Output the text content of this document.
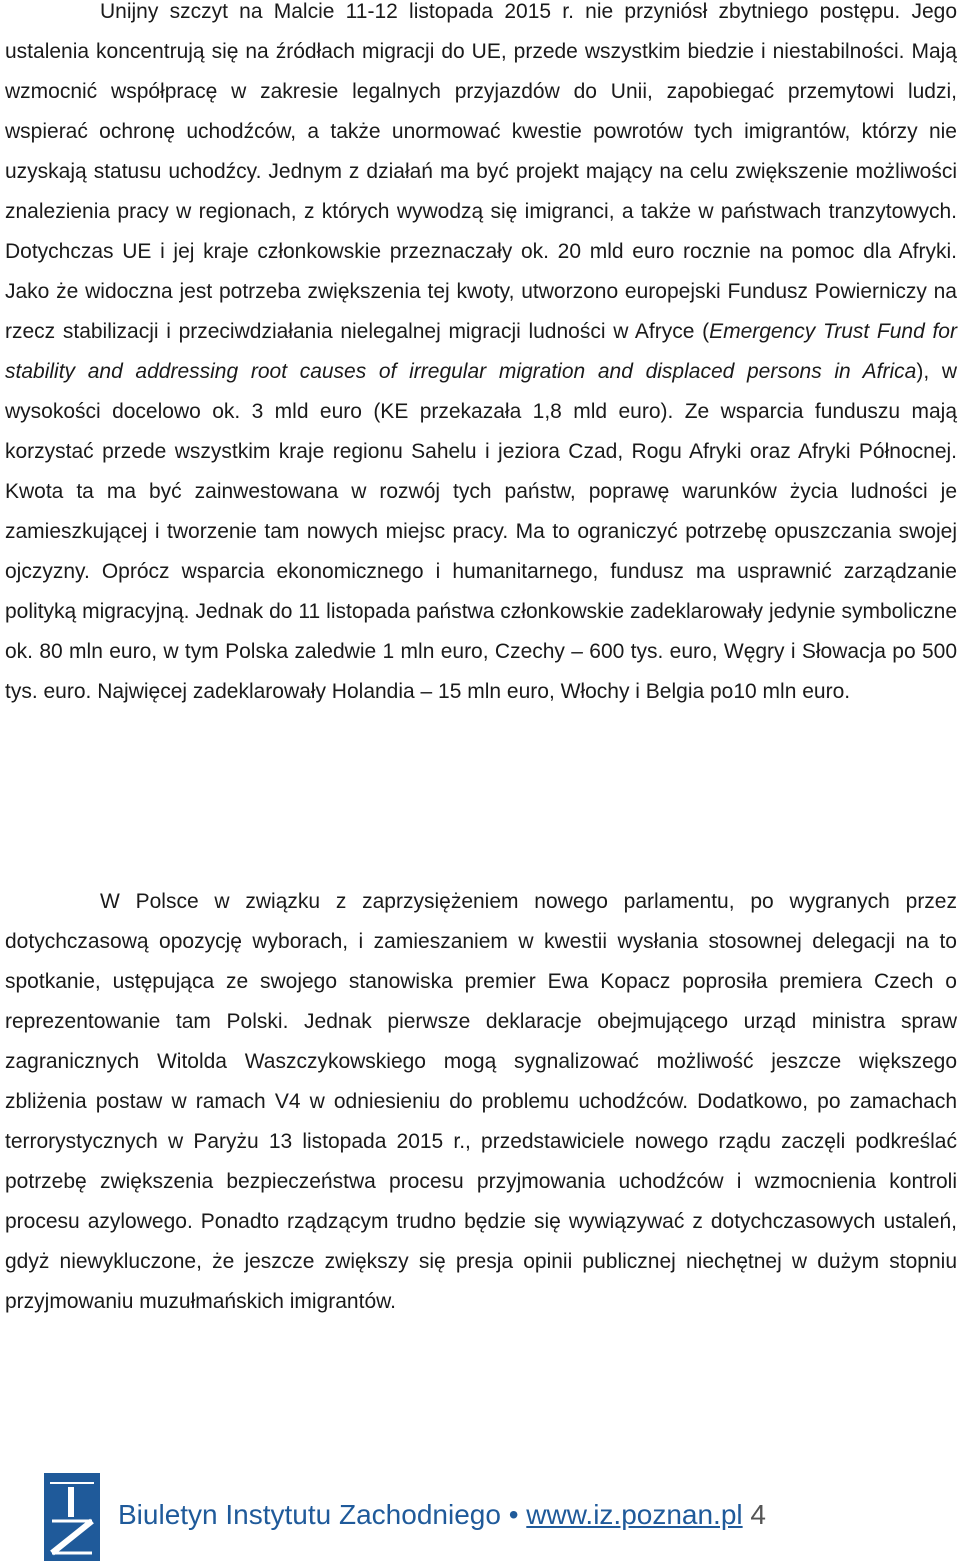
Unijny szczyt na Malcie 11-12 listopada 2015 r. nie przyniósł zbytniego postępu. Jego ustalenia koncentrują się na źródłach migracji do UE, przede wszystkim biedzie i niestabilności. Mają wzmocnić współpracę w zakresie legalnych przyjazdów do Unii, zapobiegać przemytowi ludzi, wspierać ochronę uchodźców, a także unormować kwestie powrotów tych imigrantów, którzy nie uzyskają statusu uchodźcy. Jednym z działań ma być projekt mający na celu zwiększenie możliwości znalezienia pracy w regionach, z których wywodzą się imigranci, a także w państwach tranzytowych. Dotychczas UE i jej kraje członkowskie przeznaczały ok. 20 mld euro rocznie na pomoc dla Afryki. Jako że widoczna jest potrzeba zwiększenia tej kwoty, utworzono europejski Fundusz Powierniczy na rzecz stabilizacji i przeciwdziałania nielegalnej migracji ludności w Afryce (Emergency Trust Fund for stability and addressing root causes of irregular migration and displaced persons in Africa), w wysokości docelowo ok. 3 mld euro (KE przekazała 1,8 mld euro). Ze wsparcia funduszu mają korzystać przede wszystkim kraje regionu Sahelu i jeziora Czad, Rogu Afryki oraz Afryki Północnej. Kwota ta ma być zainwestowana w rozwój tych państw, poprawę warunków życia ludności je zamieszkującej i tworzenie tam nowych miejsc pracy. Ma to ograniczyć potrzebę opuszczania swojej ojczyzny. Oprócz wsparcia ekonomicznego i humanitarnego, fundusz ma usprawnić zarządzanie polityką migracyjną. Jednak do 11 listopada państwa członkowskie zadeklarowały jedynie symboliczne ok. 80 mln euro, w tym Polska zaledwie 1 mln euro, Czechy – 600 tys. euro, Węgry i Słowacja po 500 tys. euro. Najwięcej zadeklarowały Holandia – 15 mln euro, Włochy i Belgia po10 mln euro.

W Polsce w związku z zaprzysiężeniem nowego parlamentu, po wygranych przez dotychczasową opozycję wyborach, i zamieszaniem w kwestii wysłania stosownej delegacji na to spotkanie, ustępująca ze swojego stanowiska premier Ewa Kopacz poprosiła premiera Czech o reprezentowanie tam Polski. Jednak pierwsze deklaracje obejmującego urząd ministra spraw zagranicznych Witolda Waszczykowskiego mogą sygnalizować możliwość jeszcze większego zbliżenia postaw w ramach V4 w odniesieniu do problemu uchodźców. Dodatkowo, po zamachach terrorystycznych w Paryżu 13 listopada 2015 r., przedstawiciele nowego rządu zaczęli podkreślać potrzebę zwiększenia bezpieczeństwa procesu przyjmowania uchodźców i wzmocnienia kontroli procesu azylowego. Ponadto rządzącym trudno będzie się wywiązywać z dotychczasowych ustaleń, gdyż niewykluczone, że jeszcze zwiększy się presja opinii publicznej niechętnej w dużym stopniu przyjmowaniu muzułmańskich imigrantów.

Biuletyn Instytutu Zachodniego • www.iz.poznan.pl 4
